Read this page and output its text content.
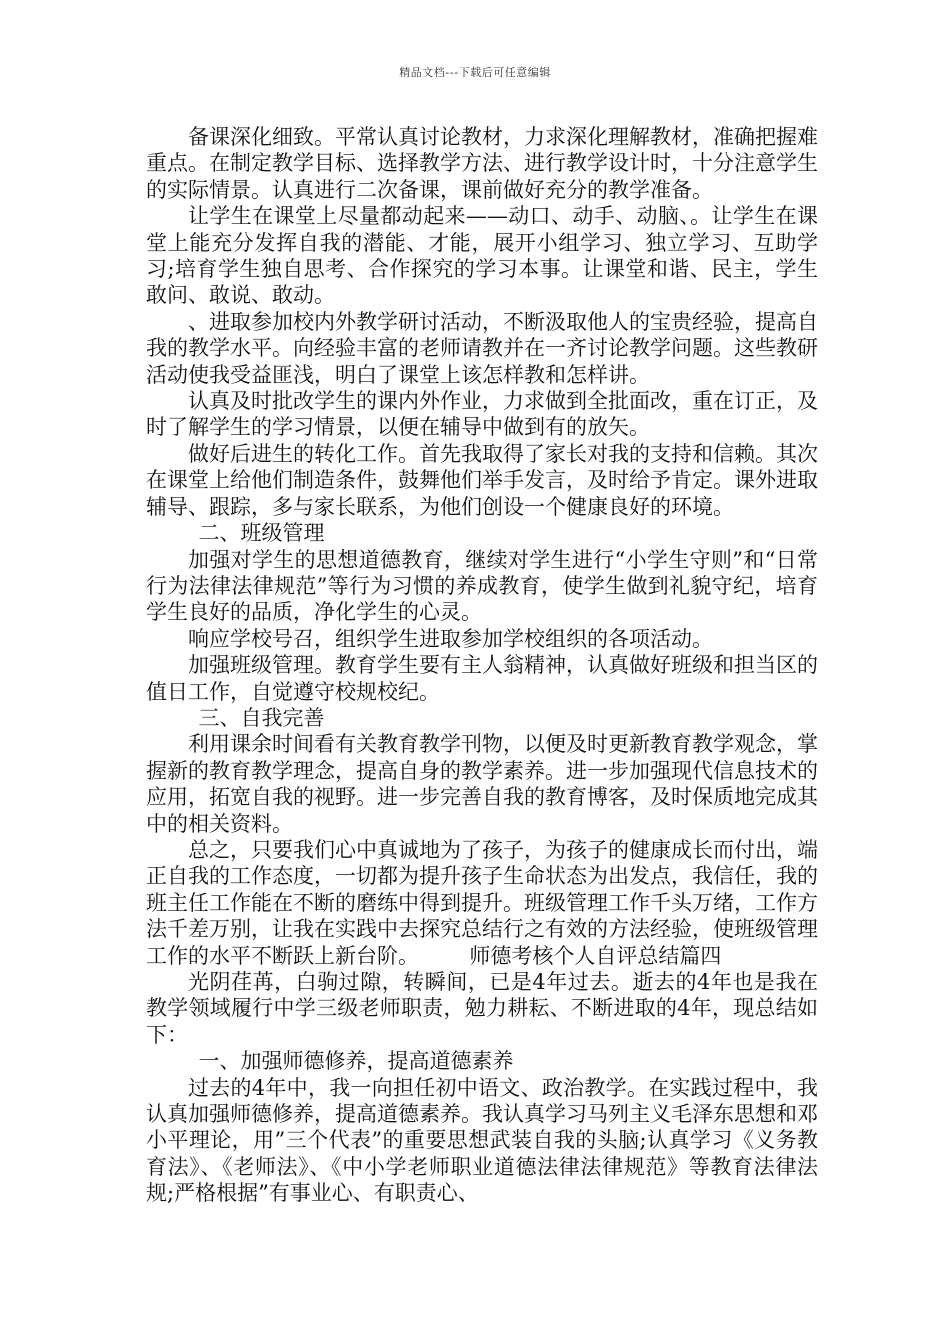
精品文档---下载后可任意编辑

备课深化细致。平常认真讨论教材，力求深化理解教材，准确把握难重点。在制定教学目标、选择教学方法、进行教学设计时，十分注意学生的实际情景。认真进行二次备课，课前做好充分的教学准备。

让学生在课堂上尽量都动起来——动口、动手、动脑、。让学生在课堂上能充分发挥自我的潜能、才能，展开小组学习、独立学习、互助学习;培育学生独自思考、合作探究的学习本事。让课堂和谐、民主，学生敢问、敢说、敢动。

、进取参加校内外教学研讨活动，不断汲取他人的宝贵经验，提高自我的教学水平。向经验丰富的老师请教并在一齐讨论教学问题。这些教研活动使我受益匪浅，明白了课堂上该怎样教和怎样讲。

认真及时批改学生的课内外作业，力求做到全批面改，重在订正，及时了解学生的学习情景，以便在辅导中做到有的放矢。

做好后进生的转化工作。首先我取得了家长对我的支持和信赖。其次在课堂上给他们制造条件，鼓舞他们举手发言，及时给予肯定。课外进取辅导、跟踪，多与家长联系，为他们创设一个健康良好的环境。

二、班级管理

加强对学生的思想道德教育，继续对学生进行“小学生守则”和“日常行为法律法律规范”等行为习惯的养成教育，使学生做到礼貌守纪，培育学生良好的品质，净化学生的心灵。

响应学校号召，组织学生进取参加学校组织的各项活动。

加强班级管理。教育学生要有主人翁精神，认真做好班级和担当区的值日工作，自觉遵守校规校纪。

三、自我完善

利用课余时间看有关教育教学刊物，以便及时更新教育教学观念，掌握新的教育教学理念，提高自身的教学素养。进一步加强现代信息技术的应用，拓宽自我的视野。进一步完善自我的教育博客，及时保质地完成其中的相关资料。

总之，只要我们心中真诚地为了孩子，为孩子的健康成长而付出，端正自我的工作态度，一切都为提升孩子生命状态为出发点，我信任，我的班主任工作能在不断的磨练中得到提升。班级管理工作千头万绪，工作方法千差万别，让我在实践中去探究总结行之有效的方法经验，使班级管理工作的水平不断跃上新台阶。 师德考核个人自评总结篇四

光阴荏苒，白驹过隙，转瞬间，已是4年过去。逝去的4年也是我在教学领域履行中学三级老师职责，勉力耕耘、不断进取的4年，现总结如下：

一、加强师德修养，提高道德素养

过去的4年中，我一向担任初中语文、政治教学。在实践过程中，我认真加强师德修养，提高道德素养。我认真学习马列主义毛泽东思想和邓小平理论，用”三个代表”的重要思想武装自我的头脑;认真学习《义务教育法》、《老师法》、《中小学老师职业道德法律法律规范》等教育法律法规;严格根据”有事业心、有职责心、
